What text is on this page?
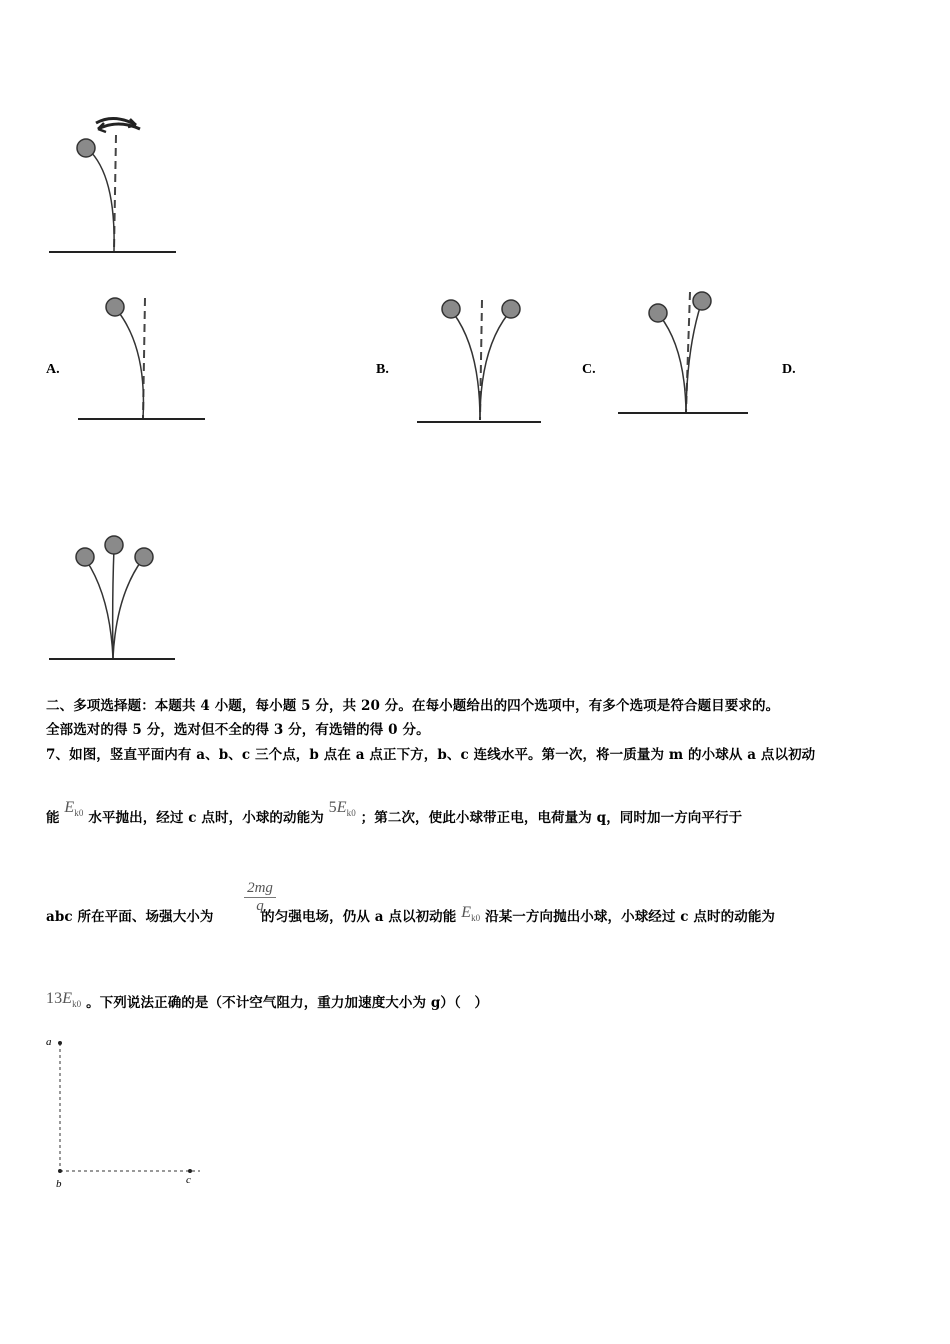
A.	B.	C.	D.
二、多项选择题：本题共 4 小题，每小题 5 分，共 20 分。在每小题给出的四个选项中，有多个选项是符合题目要求的。
全部选对的得 5 分，选对但不全的得 3 分，有选错的得 0 分。
7、如图，竖直平面内有 a、b、c 三个点，b 点在 a 点正下方，b、c 连线水平。第一次，将一质量为 m 的小球从 a 点以初动
能 $E_{k0}$ 水平抛出，经过 c 点时，小球的动能为 $5E_{k0}$ ；第二次，使此小球带正电，电荷量为 q，同时加一方向平行于
abc 所在平面、场强大小为	的匀强电场，仍从 a 点以初动能 $E_{k0}$ 沿某一方向抛出小球，小球经过 c 点时的动能为
$\frac{2mg}{q}$
$13E_{k0}$ 。下列说法正确的是（不计空气阻力，重力加速度大小为 g）（　）
a
b	c
